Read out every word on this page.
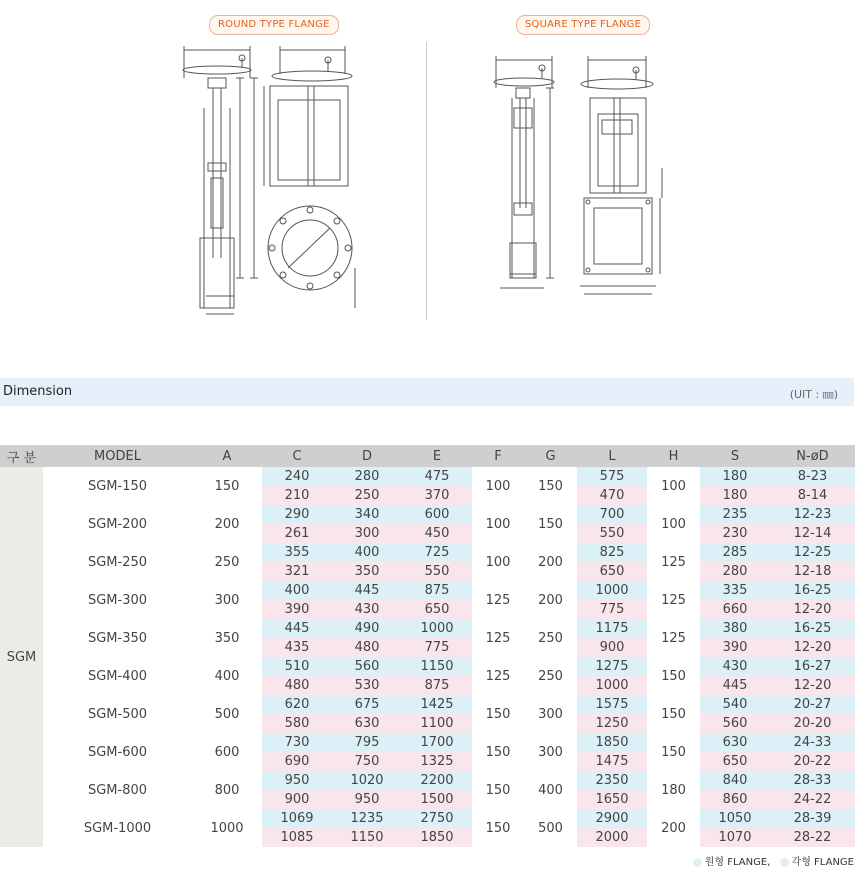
ROUND TYPE FLANGE	SQUARE TYPE FLANGE
Dimension	(UIT : ㎜)
구 분	MODEL	A	C	D	E	F	G	L	H	S	N-øD
SGM	SGM-150	150	240	280	475	100	150	575	100	180	8-23
			210	250	370			470		180	8-14
	SGM-200	200	290	340	600	100	150	700	100	235	12-23
			261	300	450			550		230	12-14
	SGM-250	250	355	400	725	100	200	825	125	285	12-25
			321	350	550			650		280	12-18
	SGM-300	300	400	445	875	125	200	1000	125	335	16-25
			390	430	650			775		660	12-20
	SGM-350	350	445	490	1000	125	250	1175	125	380	16-25
			435	480	775			900		390	12-20
	SGM-400	400	510	560	1150	125	250	1275	150	430	16-27
			480	530	875			1000		445	12-20
	SGM-500	500	620	675	1425	150	300	1575	150	540	20-27
			580	630	1100			1250		560	20-20
	SGM-600	600	730	795	1700	150	300	1850	150	630	24-33
			690	750	1325			1475		650	20-22
	SGM-800	800	950	1020	2200	150	400	2350	180	840	28-33
			900	950	1500			1650		860	24-22
	SGM-1000	1000	1069	1235	2750	150	500	2900	200	1050	28-39
			1085	1150	1850			2000		1070	28-22
원형 FLANGE, 각형 FLANGE
